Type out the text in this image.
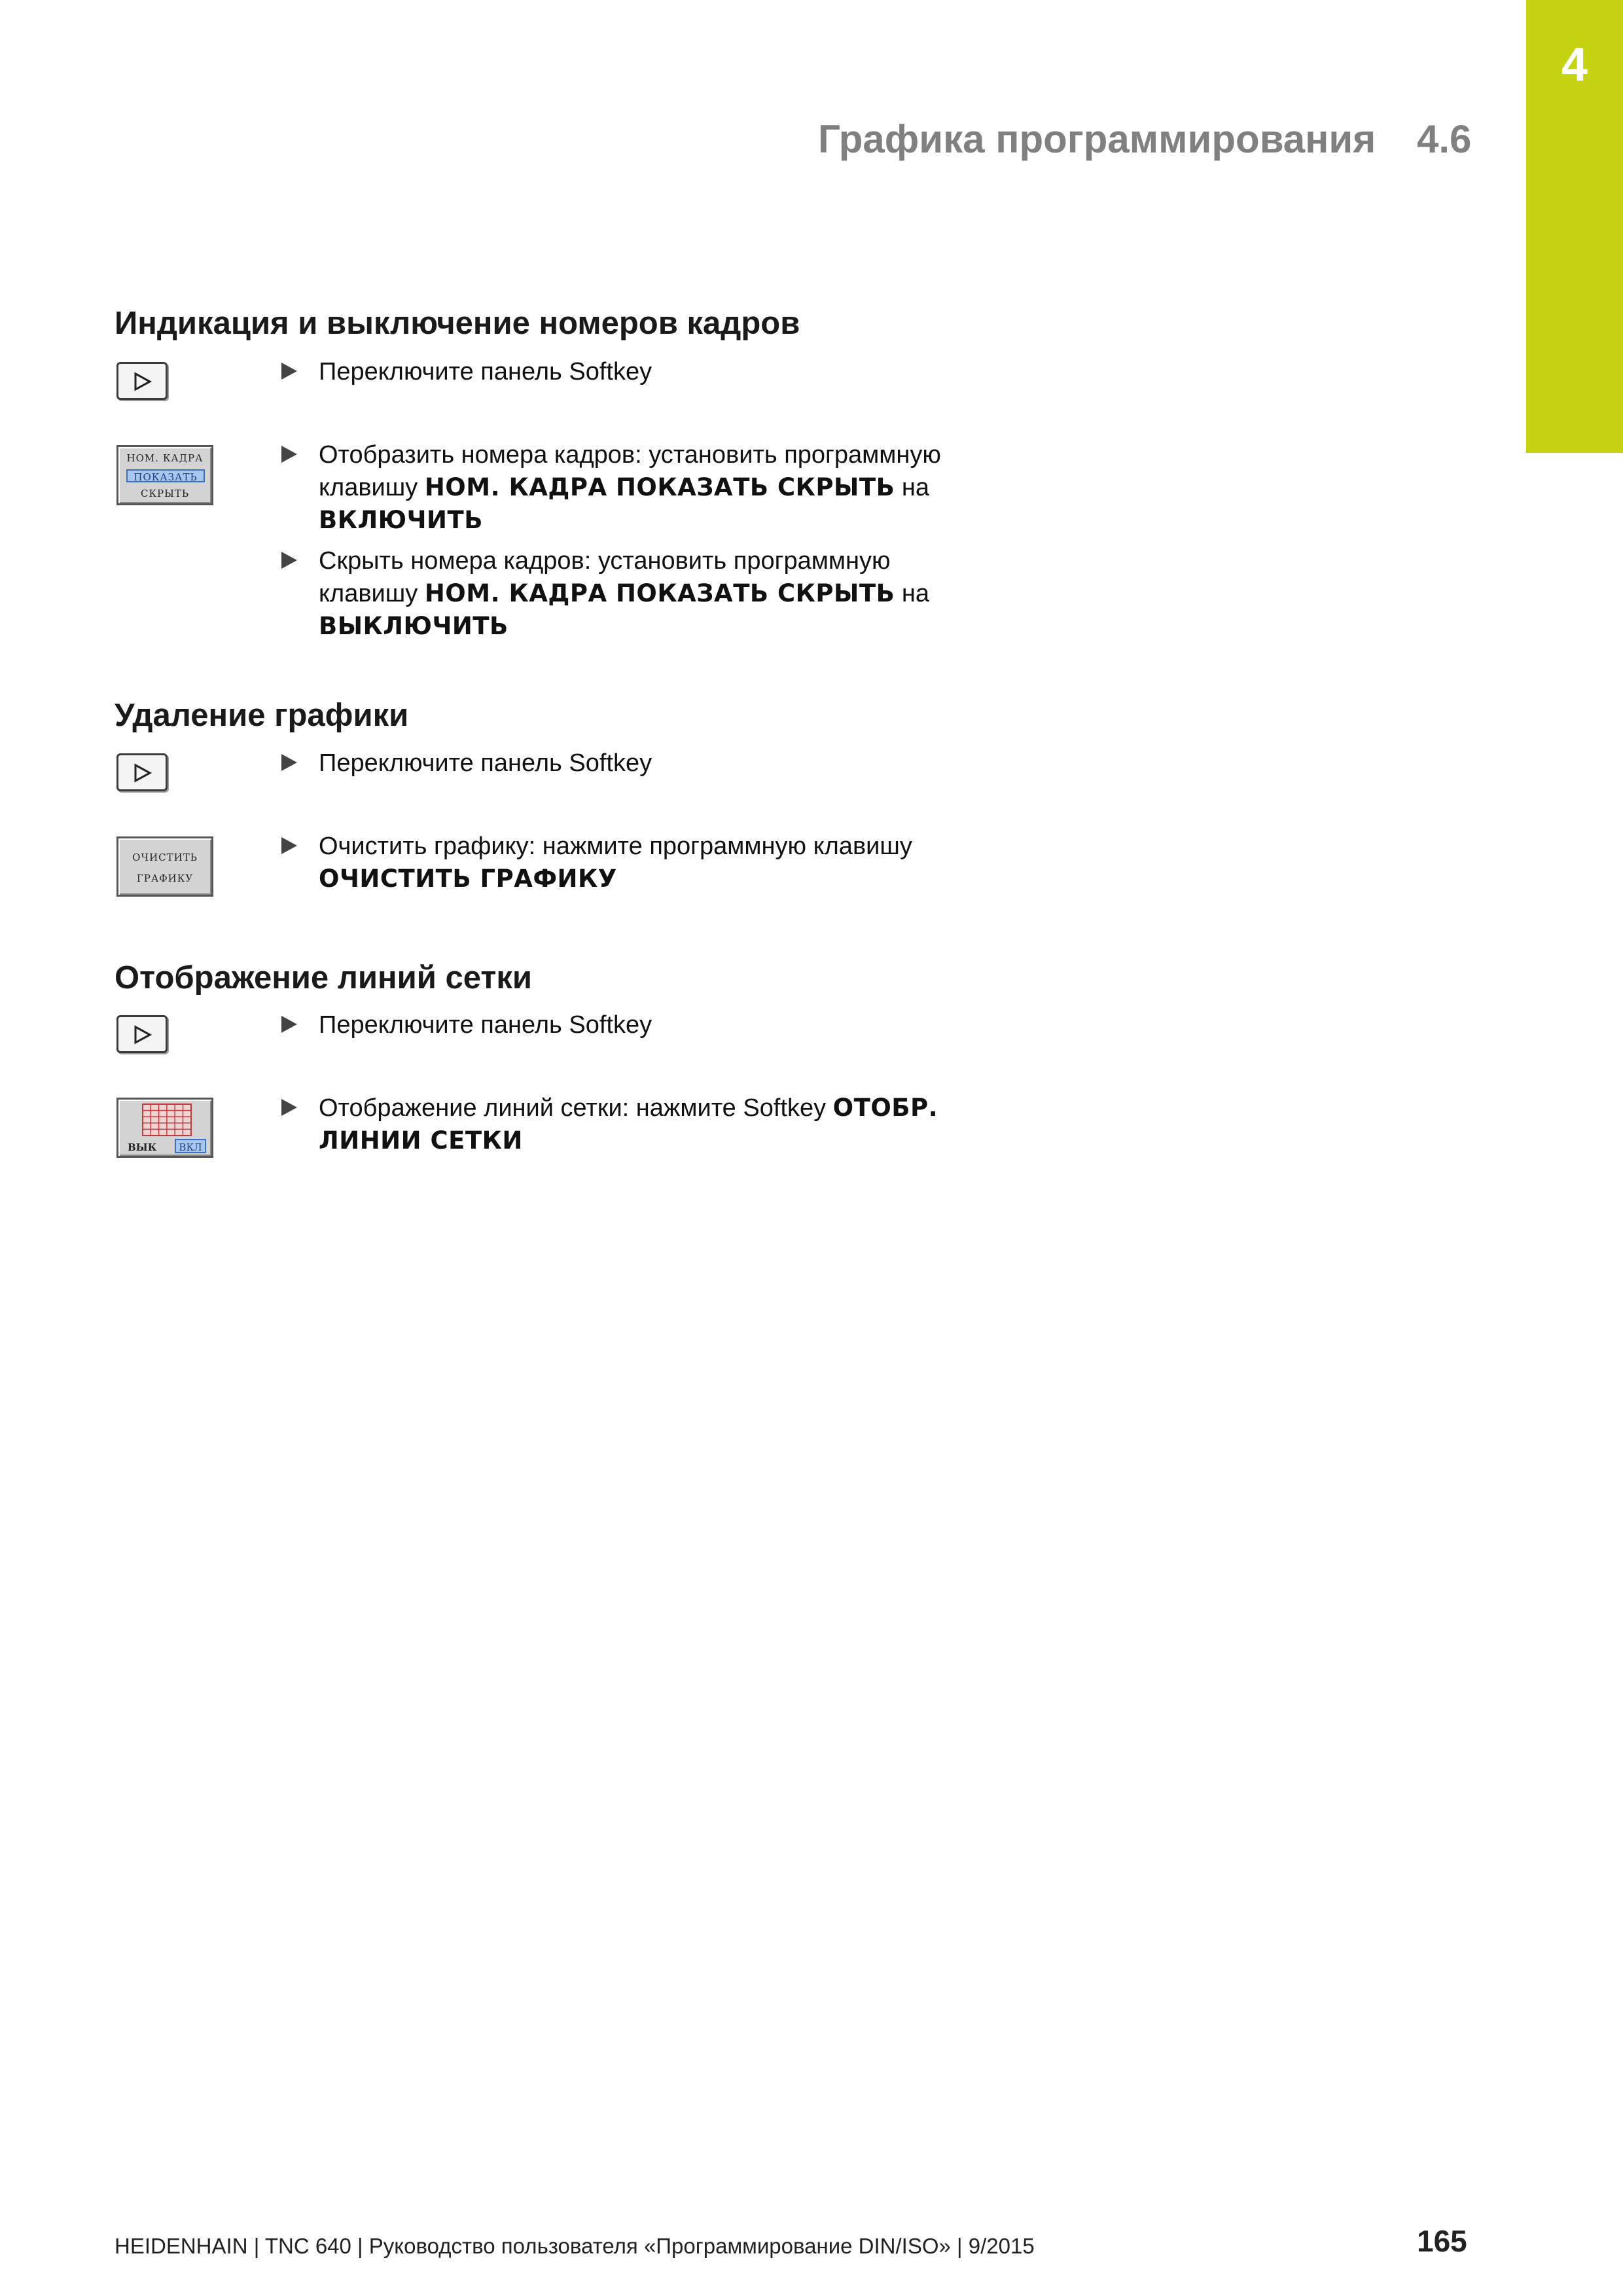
4
Графика программирования 4.6
Индикация и выключение номеров кадров
Переключите панель Softkey
НОМ. КАДРА
ПОКАЗАТЬ
СКРЫТЬ
Отобразить номера кадров: установить программную клавишу НОМ. КАДРА ПОКАЗАТЬ СКРЫТЬ на ВКЛЮЧИТЬ
Скрыть номера кадров: установить программную клавишу НОМ. КАДРА ПОКАЗАТЬ СКРЫТЬ на ВЫКЛЮЧИТЬ
Удаление графики
Переключите панель Softkey
ОЧИСТИТЬ
ГРАФИКУ
Очистить графику: нажмите программную клавишу ОЧИСТИТЬ ГРАФИКУ
Отображение линий сетки
Переключите панель Softkey
ВЫК	ВКЛ
Отображение линий сетки: нажмите Softkey ОТОБР. ЛИНИИ СЕТКИ
HEIDENHAIN | TNC 640 | Руководство пользователя «Программирование DIN/ISO» | 9/2015	165
